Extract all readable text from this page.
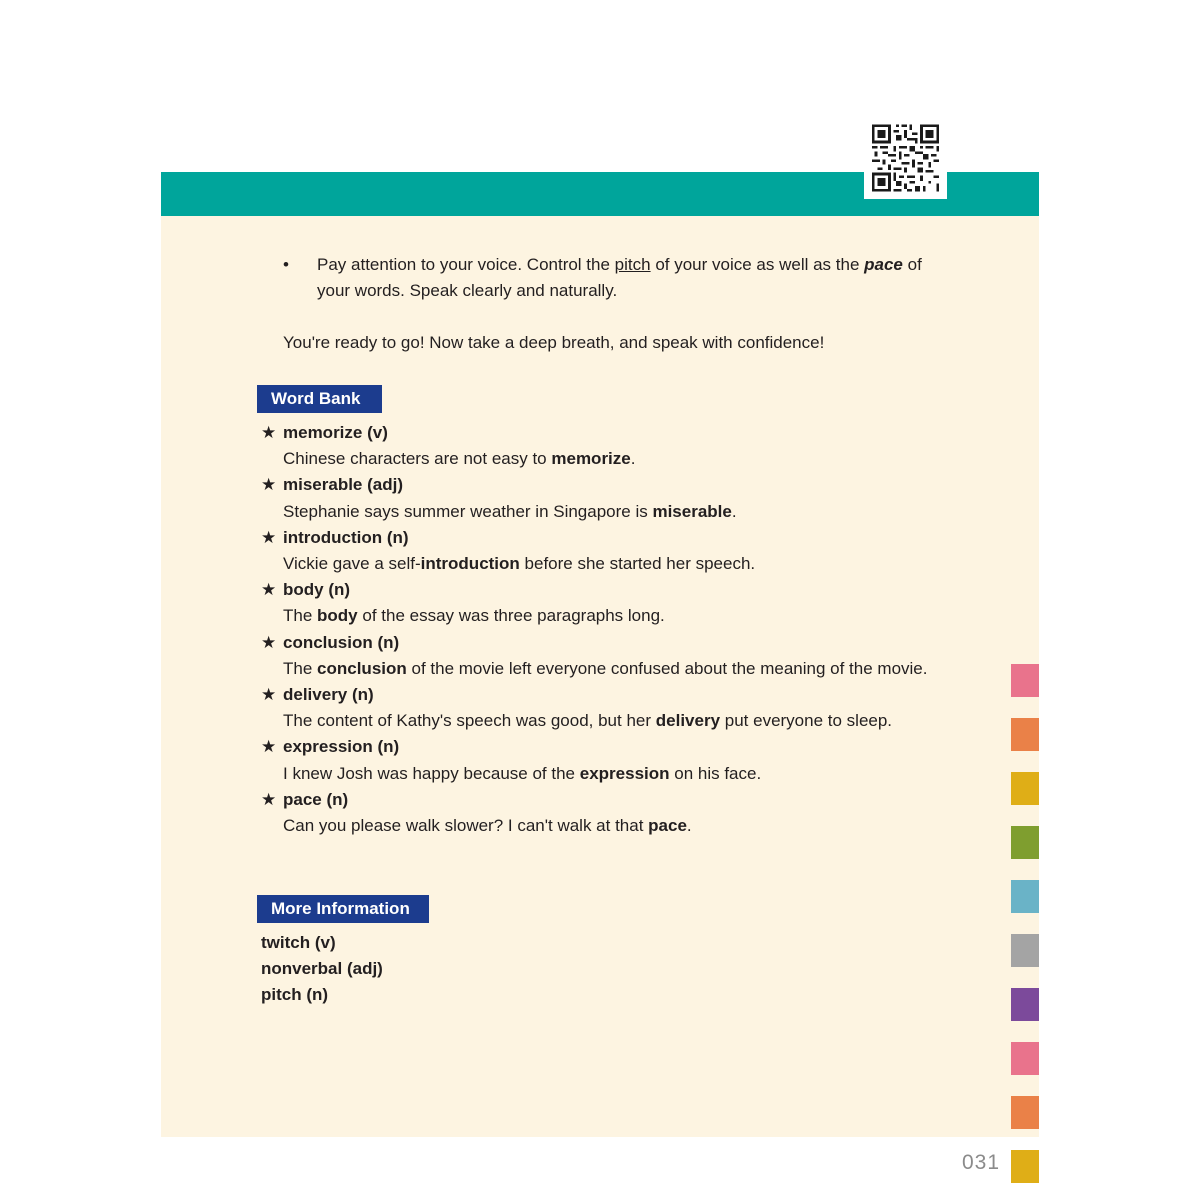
• Pay attention to your voice. Control the pitch of your voice as well as the pace of your words. Speak clearly and naturally.
You're ready to go! Now take a deep breath, and speak with confidence!
Word Bank
★ memorize (v)
Chinese characters are not easy to memorize.
★ miserable (adj)
Stephanie says summer weather in Singapore is miserable.
★ introduction (n)
Vickie gave a self-introduction before she started her speech.
★ body (n)
The body of the essay was three paragraphs long.
★ conclusion (n)
The conclusion of the movie left everyone confused about the meaning of the movie.
★ delivery (n)
The content of Kathy's speech was good, but her delivery put everyone to sleep.
★ expression (n)
I knew Josh was happy because of the expression on his face.
★ pace (n)
Can you please walk slower? I can't walk at that pace.
More Information
twitch (v)
nonverbal (adj)
pitch (n)
031
